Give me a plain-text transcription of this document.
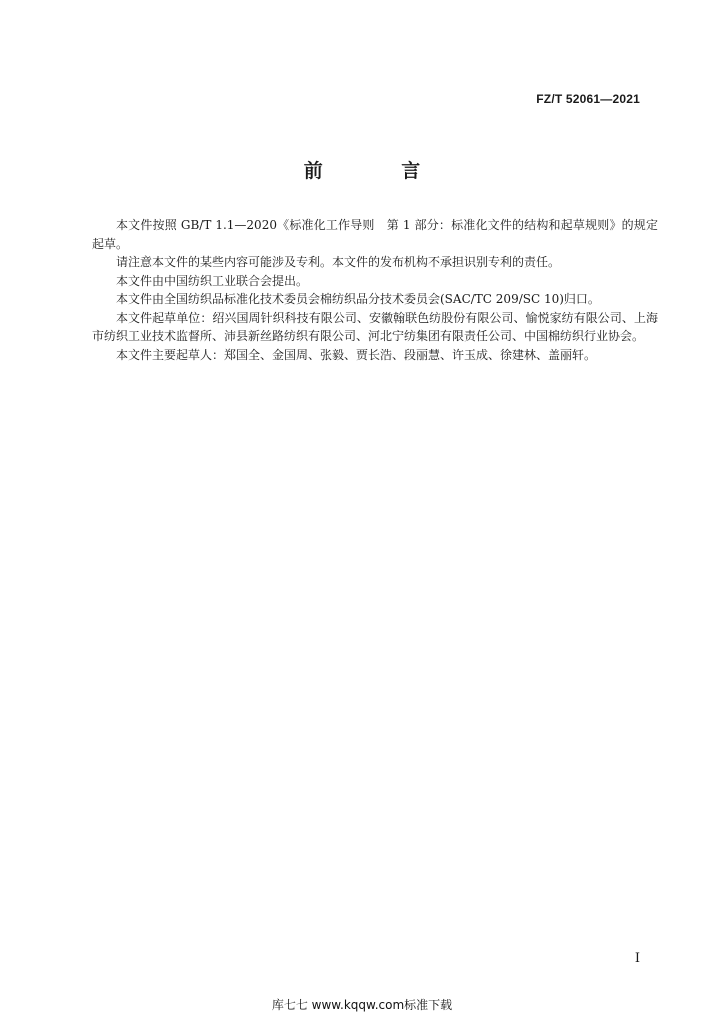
FZ/T 52061—2021
前 言

本文件按照 GB/T 1.1—2020《标准化工作导则　第 1 部分：标准化文件的结构和起草规则》的规定起草。

请注意本文件的某些内容可能涉及专利。本文件的发布机构不承担识别专利的责任。

本文件由中国纺织工业联合会提出。

本文件由全国纺织品标准化技术委员会棉纺织品分技术委员会(SAC/TC 209/SC 10)归口。

本文件起草单位：绍兴国周针织科技有限公司、安徽翰联色纺股份有限公司、愉悦家纺有限公司、上海市纺织工业技术监督所、沛县新丝路纺织有限公司、河北宁纺集团有限责任公司、中国棉纺织行业协会。

本文件主要起草人：郑国全、金国周、张毅、贾长浩、段丽慧、许玉成、徐建林、盖丽轩。

I
库七七 www.kqqw.com标准下载
